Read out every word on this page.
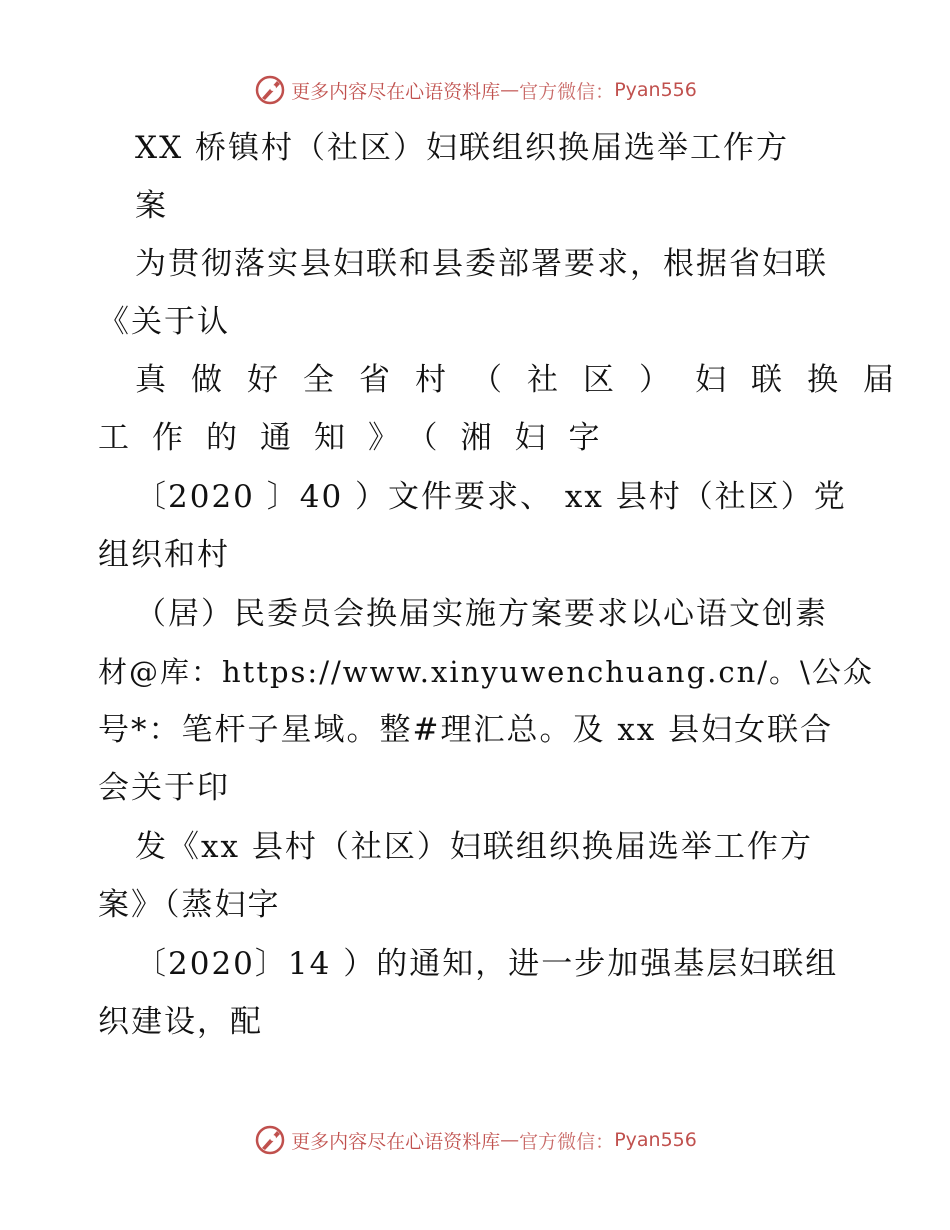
更多内容尽在心语资料库 — 官方微信： Pyan556
XX 桥镇村（社区）妇联组织换届选举工作方
案
为贯彻落实县妇联和县委部署要求，根据省妇联
《关于认
真做好全省村（社区）妇联换届
工作的通知》（湘妇字
〔2020 〕40 ）文件要求、 xx 县村（社区）党
组织和村
（居）民委员会换届实施方案要求以心语文创素
材@库：https://www.xinyuwenchuang.cn/。\公众
号*：笔杆子星域。整#理汇总。及 xx 县妇女联合
会关于印
发《xx 县村（社区）妇联组织换届选举工作方
案》（蒸妇字
〔2020〕14 ）的通知，进一步加强基层妇联组
织建设，配
更多内容尽在心语资料库 — 官方微信： Pyan556
